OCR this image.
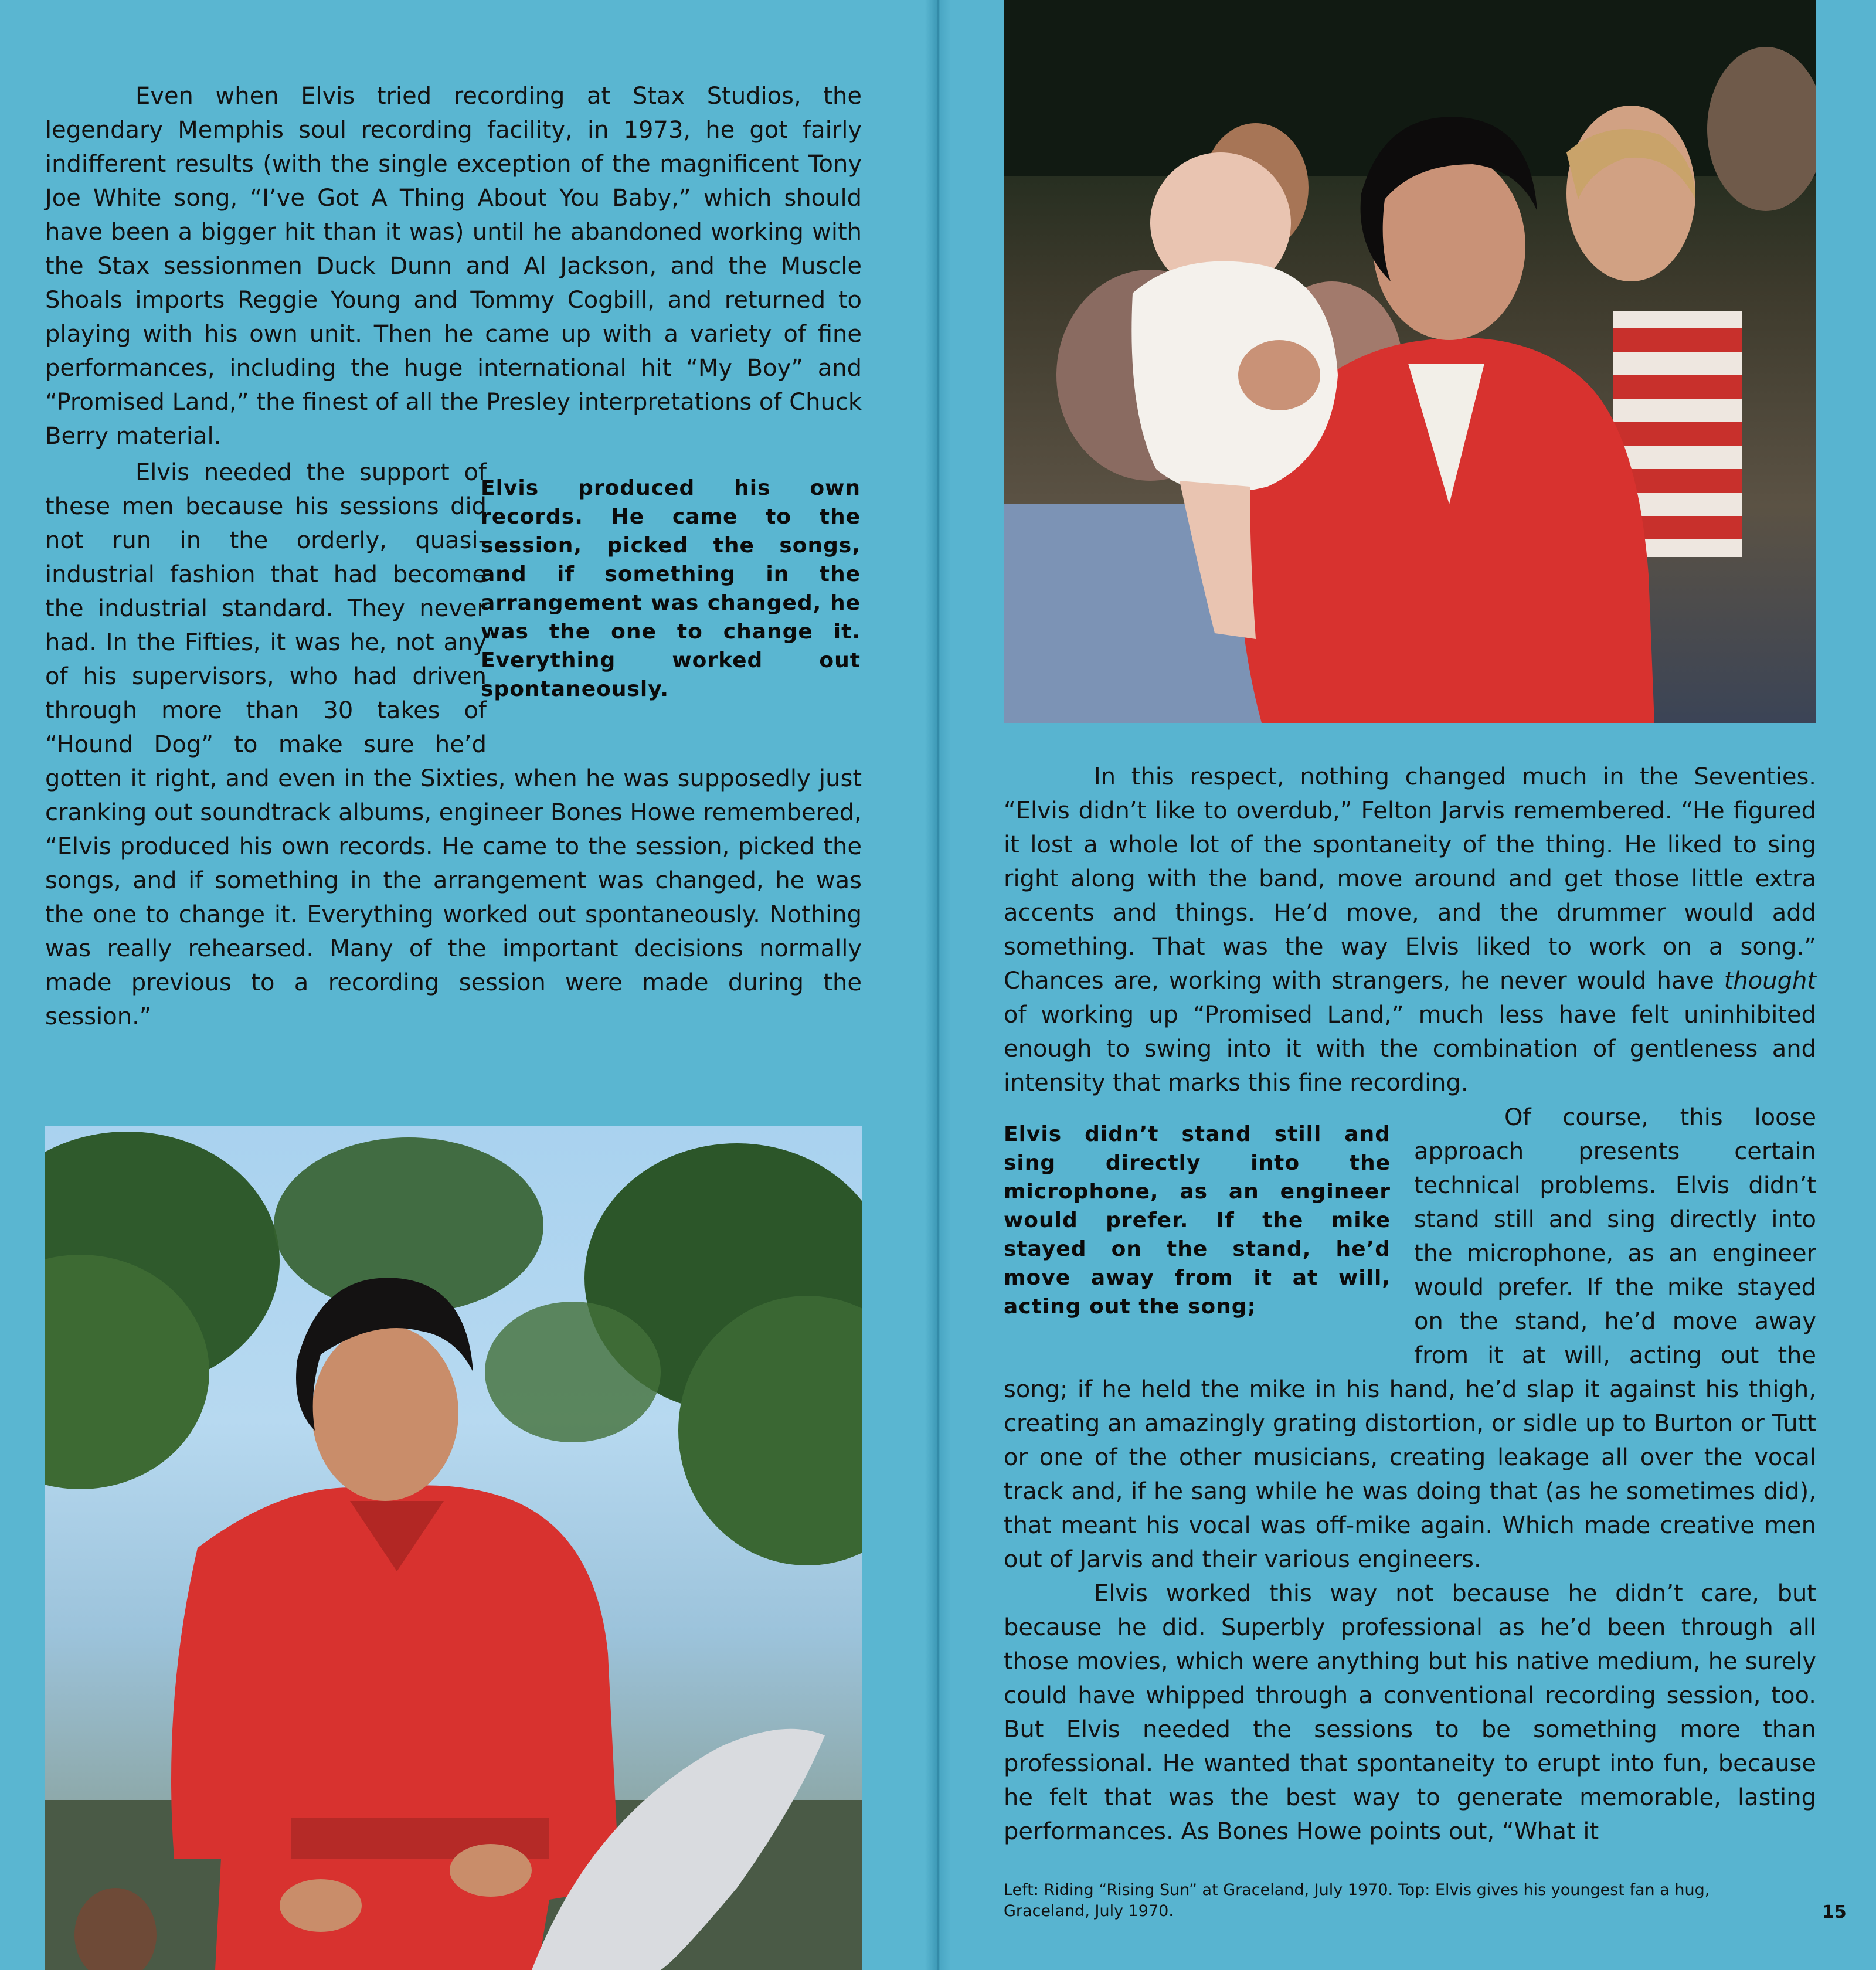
Even when Elvis tried recording at Stax Studios, the legendary Memphis soul recording facility, in 1973, he got fairly indifferent results (with the single exception of the magnificent Tony Joe White song, “I’ve Got A Thing About You Baby,” which should have been a bigger hit than it was) until he abandoned working with the Stax sessionmen Duck Dunn and Al Jackson, and the Muscle Shoals imports Reggie Young and Tommy Cogbill, and returned to playing with his own unit. Then he came up with a variety of fine performances, including the huge international hit “My Boy” and “Promised Land,” the finest of all the Presley interpretations of Chuck Berry material.

Elvis produced his own records. He came to the session, picked the songs, and if something in the arrangement was changed, he was the one to change it. Everything worked out spontaneously.

Elvis needed the support of these men because his sessions did not run in the orderly, quasi-industrial fashion that had become the industrial standard. They never had. In the Fifties, it was he, not any of his supervisors, who had driven through more than 30 takes of “Hound Dog” to make sure he’d gotten it right, and even in the Sixties, when he was supposedly just cranking out soundtrack albums, engineer Bones Howe remembered, “Elvis produced his own records. He came to the session, picked the songs, and if something in the arrangement was changed, he was the one to change it. Everything worked out spontaneously. Nothing was really rehearsed. Many of the important decisions normally made previous to a recording session were made during the session.”

In this respect, nothing changed much in the Seventies. “Elvis didn’t like to overdub,” Felton Jarvis remembered. “He figured it lost a whole lot of the spontaneity of the thing. He liked to sing right along with the band, move around and get those little extra accents and things. He’d move, and the drummer would add something. That was the way Elvis liked to work on a song.” Chances are, working with strangers, he never would have thought of working up “Promised Land,” much less have felt uninhibited enough to swing into it with the combination of gentleness and intensity that marks this fine recording.

Elvis didn’t stand still and sing directly into the microphone, as an engineer would prefer. If the mike stayed on the stand, he’d move away from it at will, acting out the song;

Of course, this loose approach presents certain technical problems. Elvis didn’t stand still and sing directly into the microphone, as an engineer would prefer. If the mike stayed on the stand, he’d move away from it at will, acting out the song; if he held the mike in his hand, he’d slap it against his thigh, creating an amazingly grating distortion, or sidle up to Burton or Tutt or one of the other musicians, creating leakage all over the vocal track and, if he sang while he was doing that (as he sometimes did), that meant his vocal was off-mike again. Which made creative men out of Jarvis and their various engineers.

Elvis worked this way not because he didn’t care, but because he did. Superbly professional as he’d been through all those movies, which were anything but his native medium, he surely could have whipped through a conventional recording session, too. But Elvis needed the sessions to be something more than professional. He wanted that spontaneity to erupt into fun, because he felt that was the best way to generate memorable, lasting performances. As Bones Howe points out, “What it

Left: Riding “Rising Sun” at Graceland, July 1970. Top: Elvis gives his youngest fan a hug, Graceland, July 1970.	15
